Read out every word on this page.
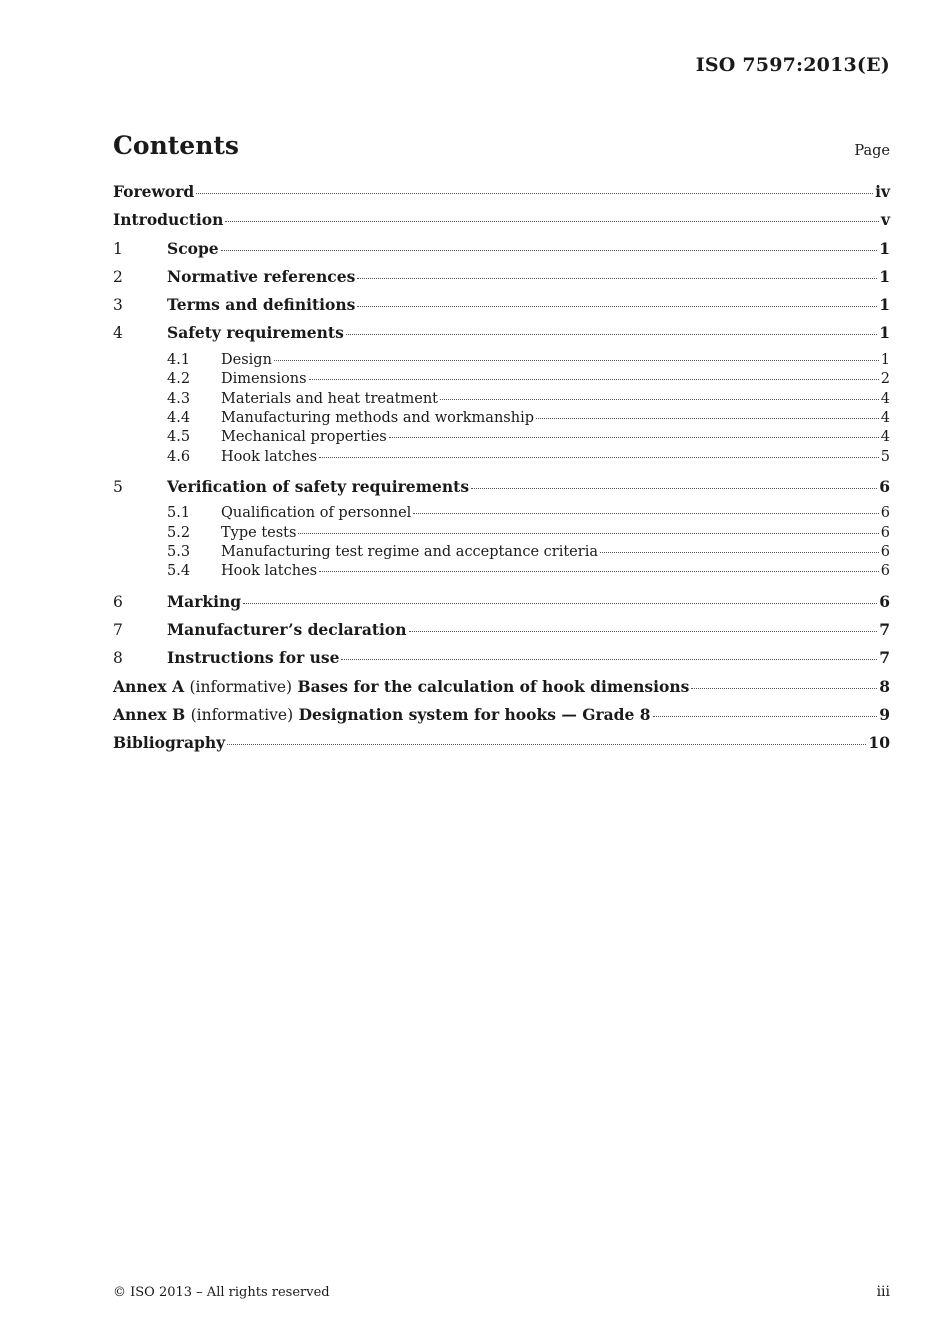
ISO 7597:2013(E)
Contents	Page
Foreword	iv
Introduction	v
1	Scope	1
2	Normative references	1
3	Terms and definitions	1
4	Safety requirements	1
4.1	Design	1
4.2	Dimensions	2
4.3	Materials and heat treatment	4
4.4	Manufacturing methods and workmanship	4
4.5	Mechanical properties	4
4.6	Hook latches	5
5	Verification of safety requirements	6
5.1	Qualification of personnel	6
5.2	Type tests	6
5.3	Manufacturing test regime and acceptance criteria	6
5.4	Hook latches	6
6	Marking	6
7	Manufacturer’s declaration	7
8	Instructions for use	7
Annex A (informative) Bases for the calculation of hook dimensions	8
Annex B (informative) Designation system for hooks — Grade 8	9
Bibliography	10
© ISO 2013 – All rights reserved	iii
